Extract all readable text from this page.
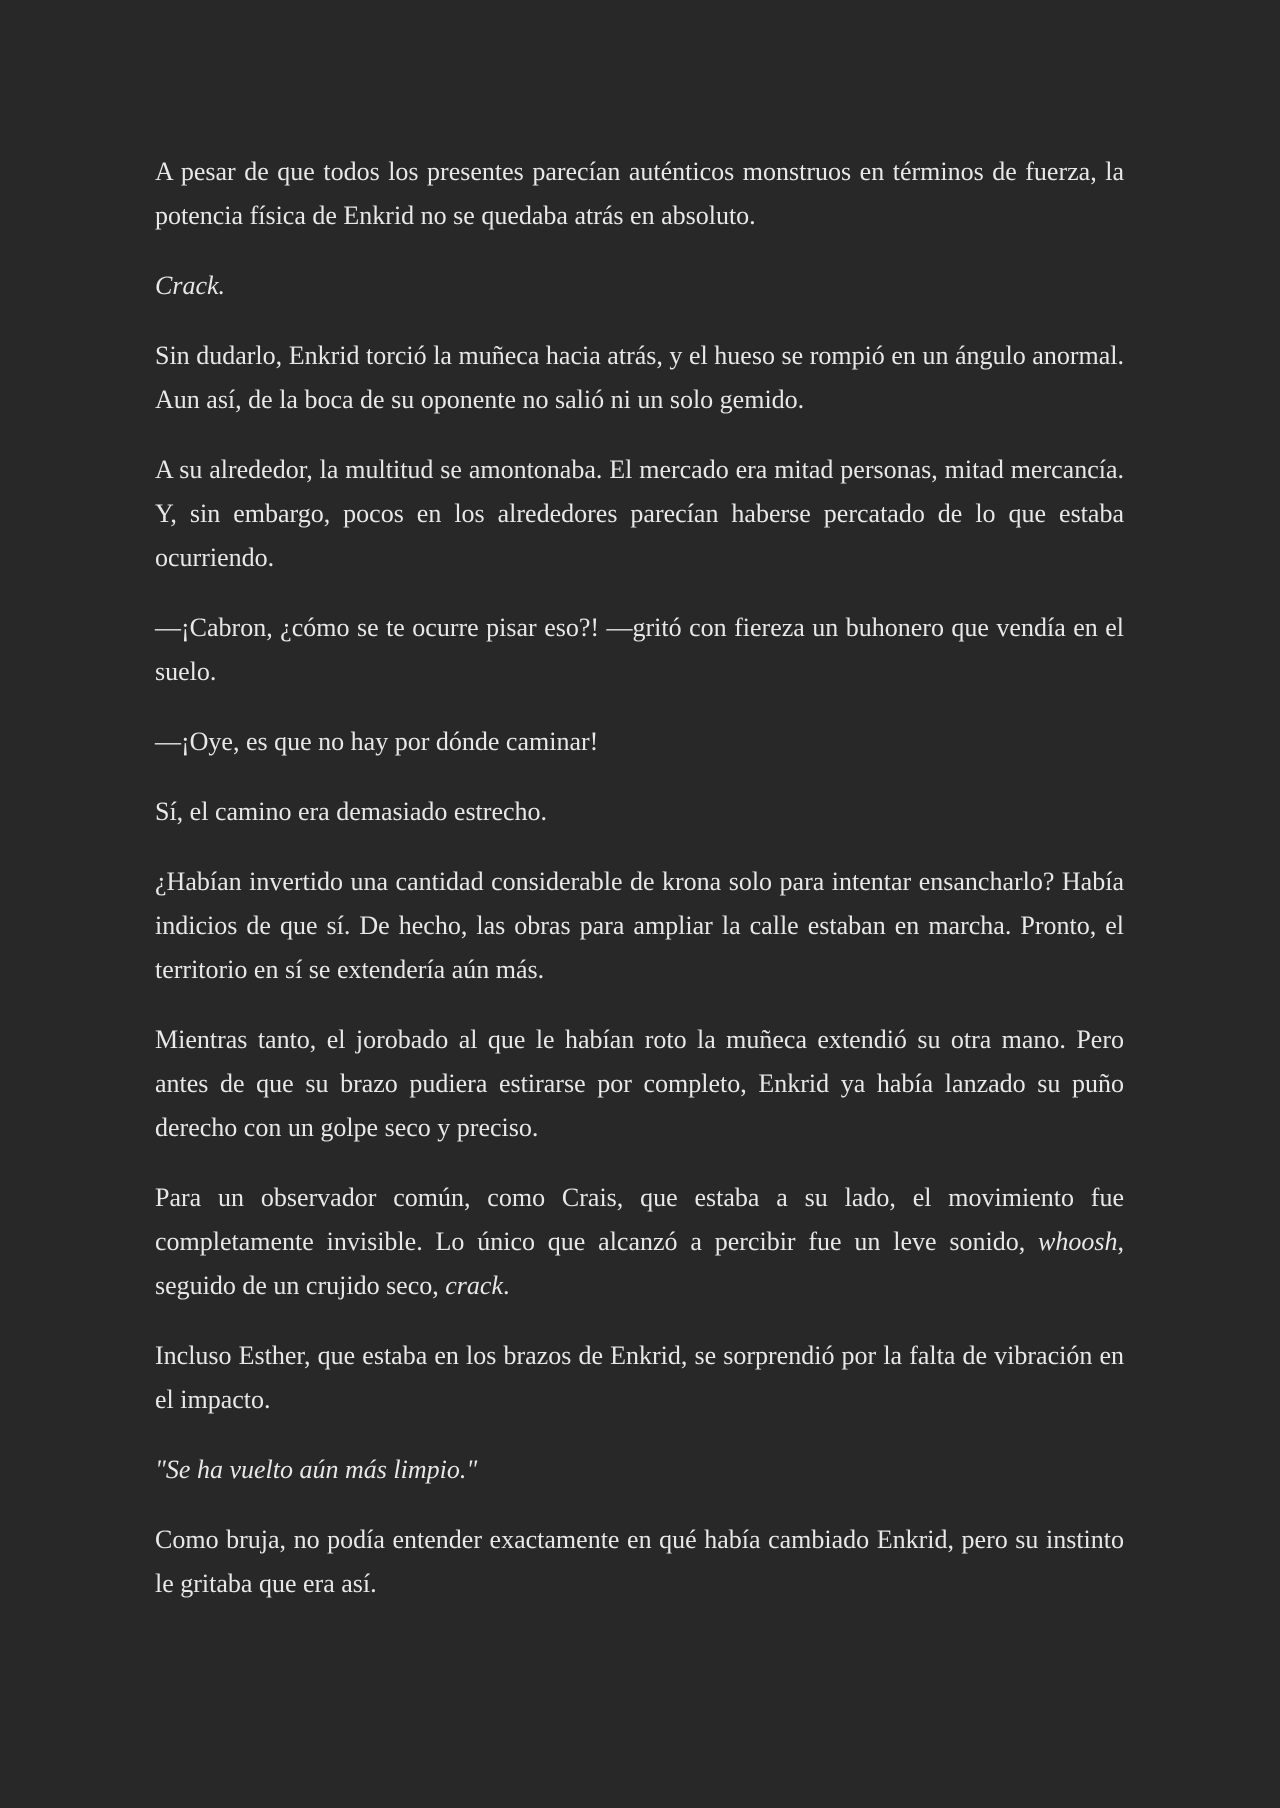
A pesar de que todos los presentes parecían auténticos monstruos en términos de fuerza, la potencia física de Enkrid no se quedaba atrás en absoluto.

Crack.

Sin dudarlo, Enkrid torció la muñeca hacia atrás, y el hueso se rompió en un ángulo anormal. Aun así, de la boca de su oponente no salió ni un solo gemido.

A su alrededor, la multitud se amontonaba. El mercado era mitad personas, mitad mercancía. Y, sin embargo, pocos en los alrededores parecían haberse percatado de lo que estaba ocurriendo.

—¡Cabron, ¿cómo se te ocurre pisar eso?! —gritó con fiereza un buhonero que vendía en el suelo.

—¡Oye, es que no hay por dónde caminar!

Sí, el camino era demasiado estrecho.

¿Habían invertido una cantidad considerable de krona solo para intentar ensancharlo? Había indicios de que sí. De hecho, las obras para ampliar la calle estaban en marcha. Pronto, el territorio en sí se extendería aún más.

Mientras tanto, el jorobado al que le habían roto la muñeca extendió su otra mano. Pero antes de que su brazo pudiera estirarse por completo, Enkrid ya había lanzado su puño derecho con un golpe seco y preciso.

Para un observador común, como Crais, que estaba a su lado, el movimiento fue completamente invisible. Lo único que alcanzó a percibir fue un leve sonido, whoosh, seguido de un crujido seco, crack.

Incluso Esther, que estaba en los brazos de Enkrid, se sorprendió por la falta de vibración en el impacto.

"Se ha vuelto aún más limpio."

Como bruja, no podía entender exactamente en qué había cambiado Enkrid, pero su instinto le gritaba que era así.
